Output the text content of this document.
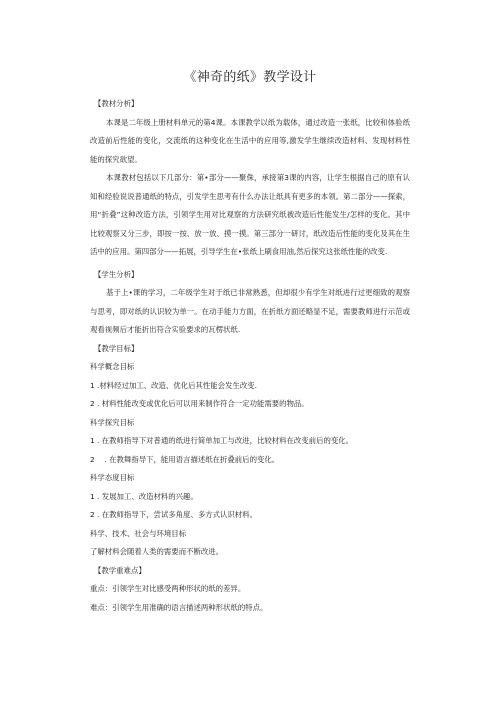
《神奇的纸》教学设计

【教材分析】

本课是二年级上册材料单元的第4课。本课教学以纸为载体，通过改造一张纸，比较和体验纸改造前后性能的变化，交流纸的这种变化在生活中的应用等,激发学生继续改造材料、发现材料性能的探究欲望。

本课教材包括以下几部分：第•部分——聚侏，承接第3课的内容，让学生根据自己的原有认知和经验说说普通纸的特点，引发学生思考有什么办法让纸具有更多的本领。第二部分——探索，用“折叠”这种改造方法，引领学生用对比观察的方法研究纸被改造后性能发生/怎样的变化。其中比较观察又分三步，即按一按、放一放、摸一摸。第三部分一研讨，纸改造后性能的变化及其在生活中的应用。第四部分——拓展，引导学生在•张纸上刷食用油,然后探究这张纸性能的改变.

【学生分析】

基于上•课的学习，二年级学生对于纸已非常熟悉，但却很少有学生对纸进行过更细致的观察与思考，即对纸的认识较为单一。在动手能力方面，在折纸方面还略显不足，需要教师进行示范或观看视频后才能折出符合实验要求的瓦楞状纸.

【教学目标】

科学概念目标

1 .材料经过加工、改造、优化后其性能会发生改变.

2 . 材料性能改变或优化后可以用来制作符合一定功能需要的物品。

科学探究目标

1 . 在教师指导下对普通的纸进行简单加工与改进，比较材料在改变前后的变化。

2 　. 在教舞指导下，能用语言描述纸在折叠前后的变化。

科学态度目标

1 . 发展加工、改造材料的兴趣。

2 . 在教师指导下，尝试多角度、多方式认识材料。

科学、技术、社会与环境目标

了解材料会随着人类的需要而不断改进。

【教学重难点】

重点：引领学生对比感受两种形状的纸的差异。

难点：引领学生用准确的语言描述两种形状纸的特点。
